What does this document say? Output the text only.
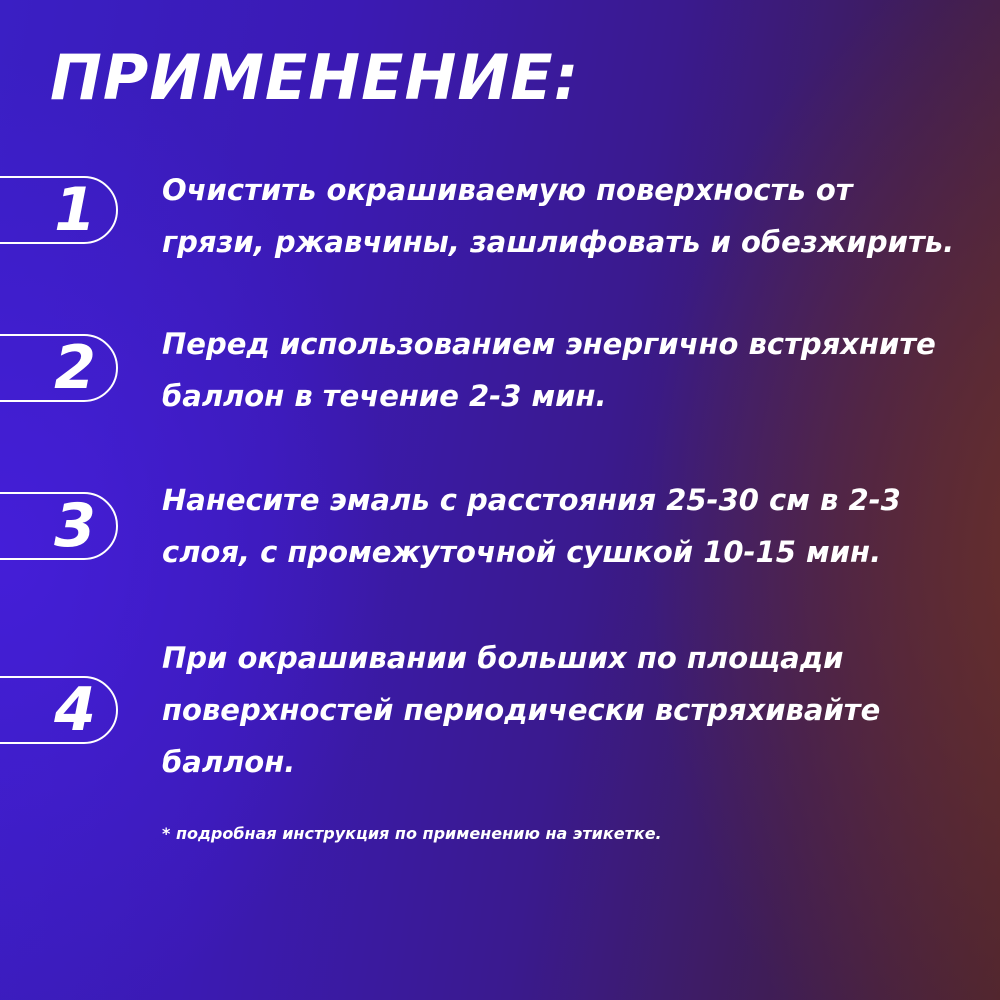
ПРИМЕНЕНИЕ:
1	Очистить окрашиваемую поверхность от грязи, ржавчины, зашлифовать и обезжирить.

2	Перед использованием энергично встряхните баллон в течение 2-3 мин.

3	Нанесите эмаль с расстояния 25-30 см в 2-3 слоя, с промежуточной сушкой 10-15 мин.

4

При окрашивании больших по площади поверхностей периодически встряхивайте баллон.

* подробная инструкция по применению на этикетке.
